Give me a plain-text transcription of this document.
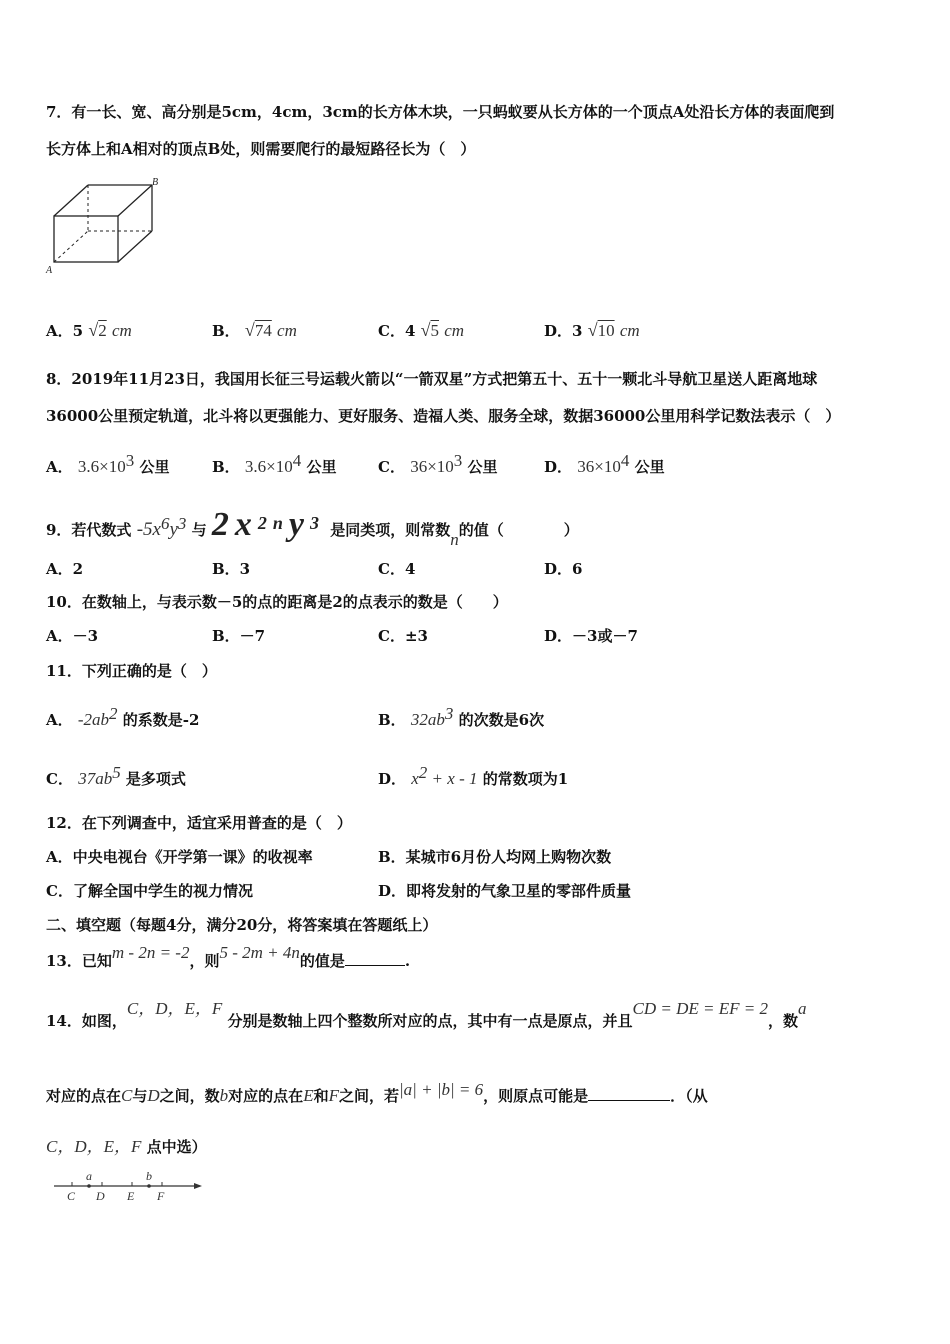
7．有一长、宽、高分别是5cm，4cm，3cm的长方体木块，一只蚂蚁要从长方体的一个顶点A处沿长方体的表面爬到
长方体上和A相对的顶点B处，则需要爬行的最短路径长为（　）
B
A
A．5 √2 cm	B． √74 cm	C．4 √5 cm	D．3 √10 cm
8．2019年11月23日，我国用长征三号运载火箭以“一箭双星”方式把第五十、五十一颗北斗导航卫星送人距离地球
36000公里预定轨道，北斗将以更强能力、更好服务、造福人类、服务全球，数据36000公里用科学记数法表示（　）
A． $3.6\times 10^3$ 公里	B． $3.6\times 10^4$ 公里	C． $36\times 10^3$ 公里	D． $36\times 10^4$ 公里
9．若代数式 $-5x^6y^3$ 与 $2x^{2n}y^3$ 是同类项，则常数n的值（　　　　）
A．2	B．3	C．4	D．6
10．在数轴上，与表示数－5的点的距离是2的点表示的数是（　　）
A．－3	B．－7	C．±3	D．－3或－7
11．下列正确的是（　）
A． $-2ab^2$ 的系数是-2	B． $32ab^3$ 的次数是6次
C． $37ab^5$ 是多项式	D． $x^2 + x - 1$ 的常数项为1
12．在下列调查中，适宜采用普查的是（　）
A．中央电视台《开学第一课》的收视率	B．某城市6月份人均网上购物次数
C．了解全国中学生的视力情况	D．即将发射的气象卫星的零部件质量
二、填空题（每题4分，满分20分，将答案填在答题纸上）
13．已知m - 2n = -2，则5 - 2m + 4n的值是	.
14．如图，C，D，E，F 分别是数轴上四个整数所对应的点，其中有一点是原点，并且CD = DE = EF = 2，数a
对应的点在C与D之间，数b对应的点在E和F之间，若|a| + |b| = 6，则原点可能是	．（从
C，D，E，F 点中选）
C D E F
a	b
